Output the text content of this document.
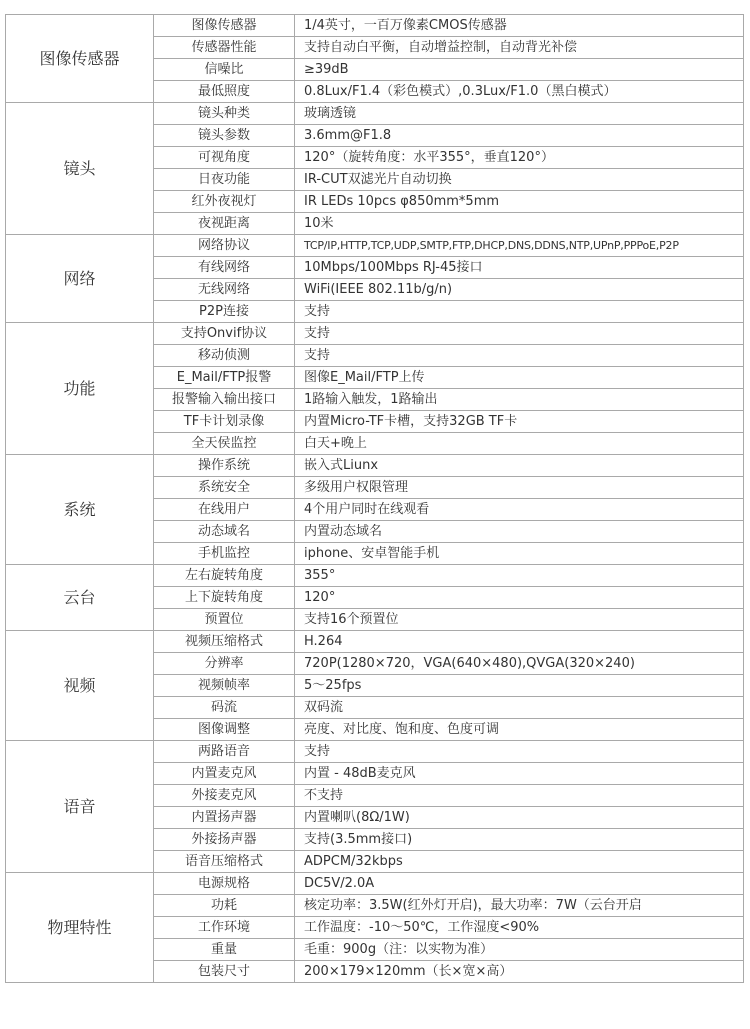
图像传感器	图像传感器	1/4英寸，一百万像素CMOS传感器
	传感器性能	支持自动白平衡，自动增益控制，自动背光补偿
	信噪比	≥39dB
	最低照度	0.8Lux/F1.4（彩色模式）,0.3Lux/F1.0（黑白模式）
镜头	镜头种类	玻璃透镜
	镜头参数	3.6mm@F1.8
	可视角度	120°（旋转角度：水平355°，垂直120°）
	日夜功能	IR-CUT双滤光片自动切换
	红外夜视灯	IR LEDs 10pcs φ850mm*5mm
	夜视距离	10米
网络	网络协议	TCP/IP,HTTP,TCP,UDP,SMTP,FTP,DHCP,DNS,DDNS,NTP,UPnP,PPPoE,P2P
	有线网络	10Mbps/100Mbps RJ-45接口
	无线网络	WiFi(IEEE 802.11b/g/n)
	P2P连接	支持
功能	支持Onvif协议	支持
	移动侦测	支持
	E_Mail/FTP报警	图像E_Mail/FTP上传
	报警输入输出接口	1路输入触发，1路输出
	TF卡计划录像	内置Micro-TF卡槽，支持32GB TF卡
	全天侯监控	白天+晚上
系统	操作系统	嵌入式Liunx
	系统安全	多级用户权限管理
	在线用户	4个用户同时在线观看
	动态域名	内置动态域名
	手机监控	iphone、安卓智能手机
云台	左右旋转角度	355°
	上下旋转角度	120°
	预置位	支持16个预置位
视频	视频压缩格式	H.264
	分辨率	720P(1280×720，VGA(640×480),QVGA(320×240)
	视频帧率	5～25fps
	码流	双码流
	图像调整	亮度、对比度、饱和度、色度可调
语音	两路语音	支持
	内置麦克风	内置 - 48dB麦克风
	外接麦克风	不支持
	内置扬声器	内置喇叭(8Ω/1W)
	外接扬声器	支持(3.5mm接口)
	语音压缩格式	ADPCM/32kbps
物理特性	电源规格	DC5V/2.0A
	功耗	核定功率：3.5W(红外灯开启)，最大功率：7W（云台开启
	工作环境	工作温度：-10～50℃，工作湿度<90%
	重量	毛重：900g（注：以实物为准）
	包装尺寸	200×179×120mm（长×宽×高）
